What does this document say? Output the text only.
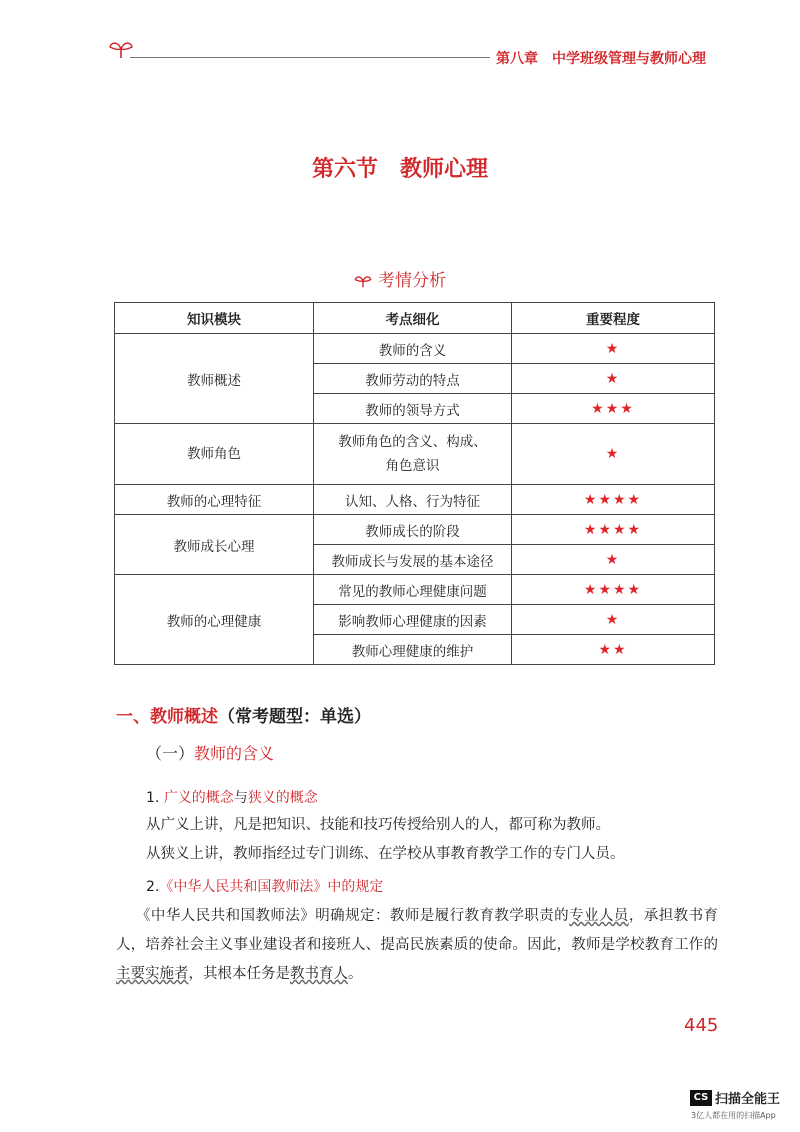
第八章　中学班级管理与教师心理
第六节　教师心理
考情分析
知识模块	考点细化	重要程度
教师概述	教师的含义	★
	教师劳动的特点	★
	教师的领导方式	★★★
教师角色	教师角色的含义、构成、角色意识	★
教师的心理特征	认知、人格、行为特征	★★★★
教师成长心理	教师成长的阶段	★★★★
	教师成长与发展的基本途径	★
教师的心理健康	常见的教师心理健康问题	★★★★
	影响教师心理健康的因素	★
	教师心理健康的维护	★★
一、教师概述（常考题型：单选）
（一）教师的含义
1. 广义的概念与狭义的概念
从广义上讲，凡是把知识、技能和技巧传授给别人的人，都可称为教师。
从狭义上讲，教师指经过专门训练、在学校从事教育教学工作的专门人员。
2.《中华人民共和国教师法》中的规定
《中华人民共和国教师法》明确规定：教师是履行教育教学职责的专业人员，承担教书育人，培养社会主义事业建设者和接班人、提高民族素质的使命。因此，教师是学校教育工作的主要实施者，其根本任务是教书育人。
445
CS 扫描全能王
3亿人都在用的扫描App
